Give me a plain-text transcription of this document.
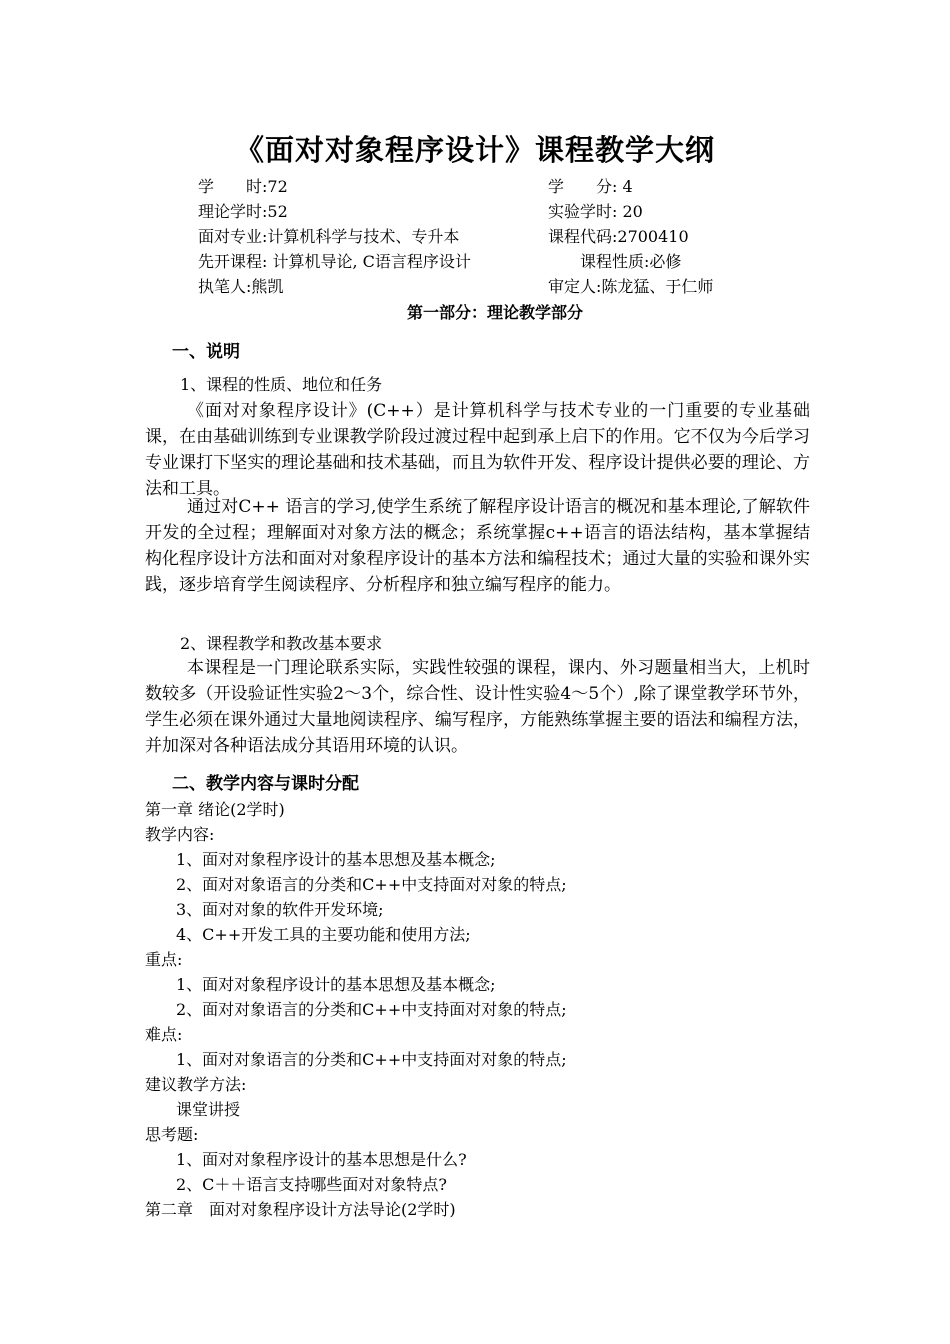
《面对对象程序设计》课程教学大纲
学　　时:72	学　　分: 4
理论学时:52	实验学时: 20
面对专业:计算机科学与技术、专升本	课程代码:2700410
先开课程: 计算机导论, C语言程序设计	课程性质:必修
执笔人:熊凯	审定人:陈龙猛、于仁师
第一部分：理论教学部分
一、说明
1、课程的性质、地位和任务

《面对对象程序设计》(C++）是计算机科学与技术专业的一门重要的专业基础课，在由基础训练到专业课教学阶段过渡过程中起到承上启下的作用。它不仅为今后学习专业课打下坚实的理论基础和技术基础，而且为软件开发、程序设计提供必要的理论、方法和工具。

通过对C++ 语言的学习,使学生系统了解程序设计语言的概况和基本理论,了解软件开发的全过程；理解面对对象方法的概念；系统掌握c++语言的语法结构，基本掌握结构化程序设计方法和面对对象程序设计的基本方法和编程技术；通过大量的实验和课外实践，逐步培育学生阅读程序、分析程序和独立编写程序的能力。

2、课程教学和教改基本要求

本课程是一门理论联系实际，实践性较强的课程，课内、外习题量相当大，上机时数较多（开设验证性实验2～3个，综合性、设计性实验4～5个）,除了课堂教学环节外，学生必须在课外通过大量地阅读程序、编写程序，方能熟练掌握主要的语法和编程方法，并加深对各种语法成分其语用环境的认识。

二、教学内容与课时分配
第一章 绪论(2学时)
教学内容:
1、面对对象程序设计的基本思想及基本概念;
2、面对对象语言的分类和C++中支持面对对象的特点;
3、面对对象的软件开发环境;
4、C++开发工具的主要功能和使用方法;
重点:
1、面对对象程序设计的基本思想及基本概念;
2、面对对象语言的分类和C++中支持面对对象的特点;
难点:
1、面对对象语言的分类和C++中支持面对对象的特点;
建议教学方法:
课堂讲授
思考题:
1、面对对象程序设计的基本思想是什么?
2、C＋＋语言支持哪些面对对象特点?
第二章　面对对象程序设计方法导论(2学时)
